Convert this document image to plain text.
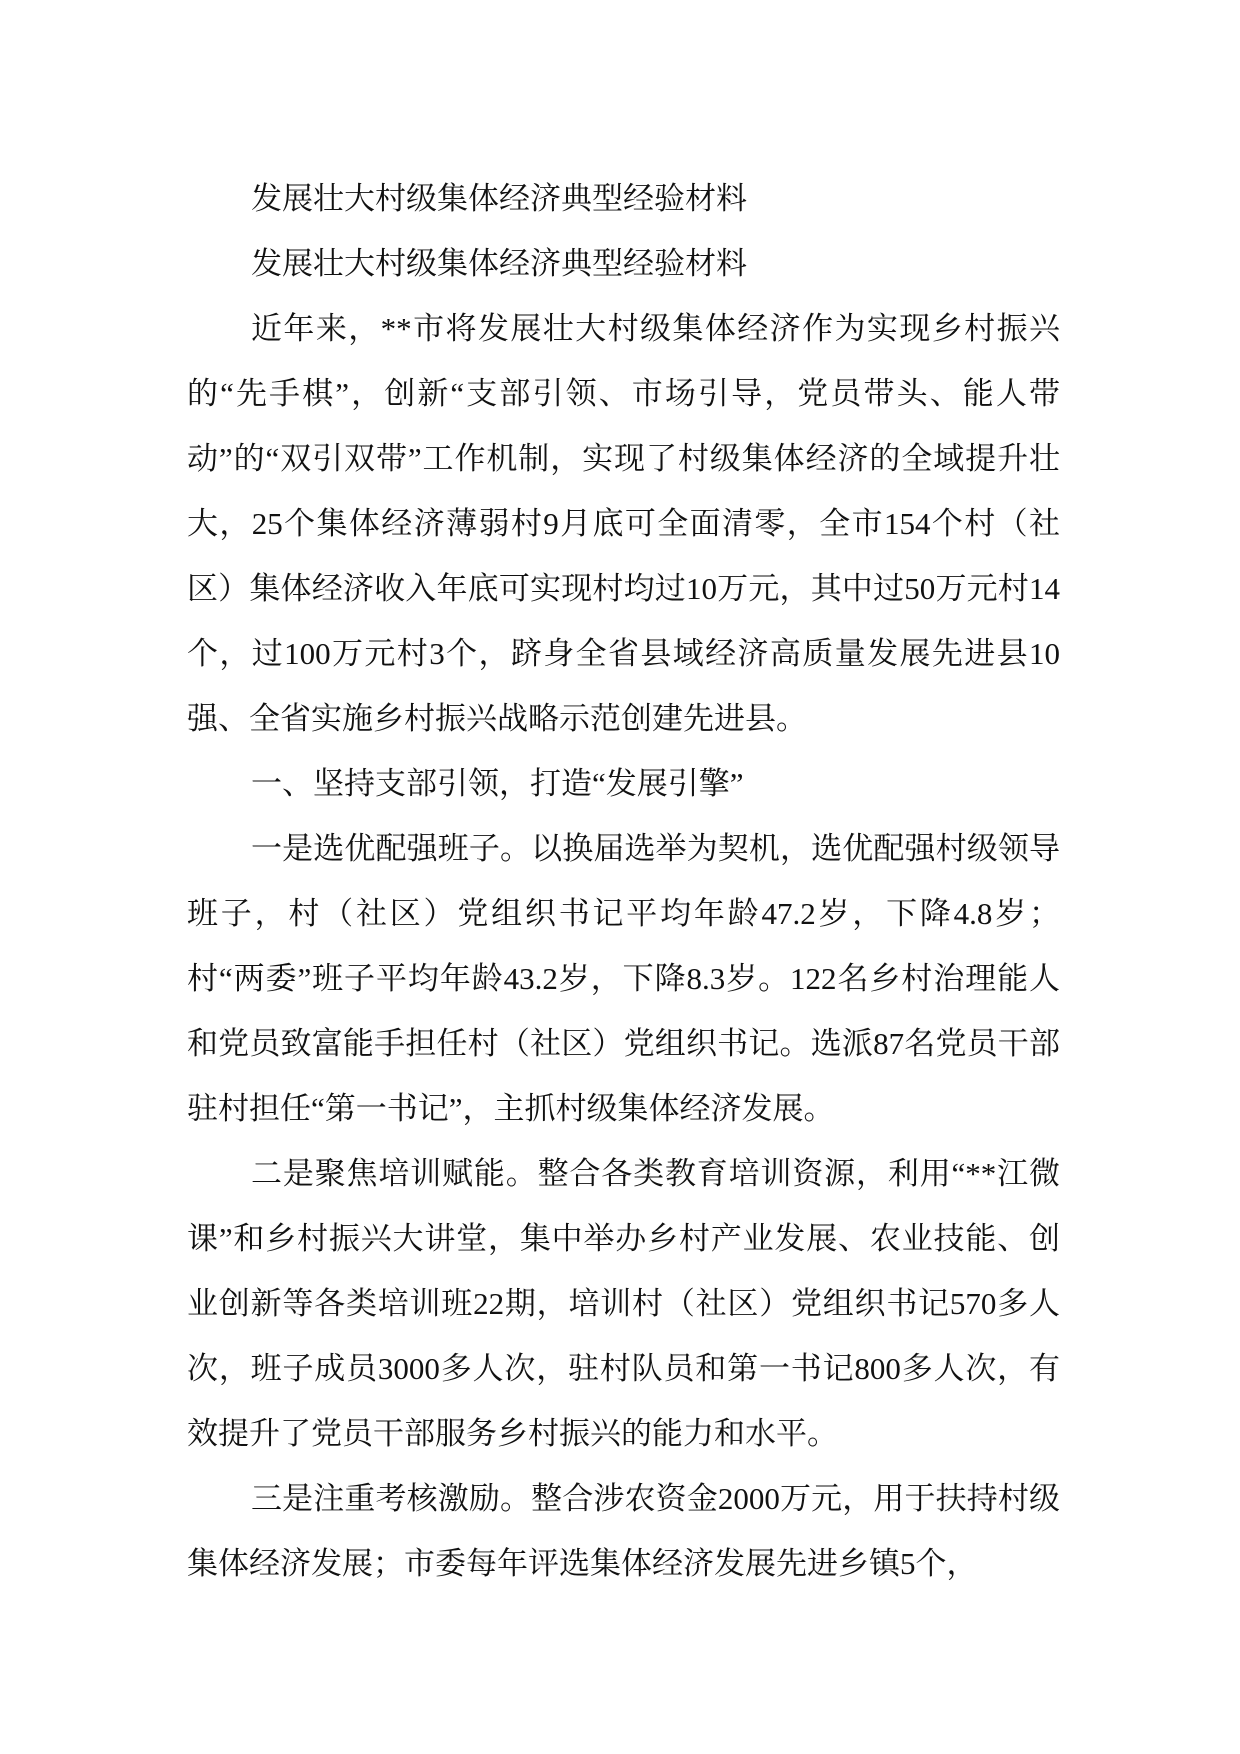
发展壮大村级集体经济典型经验材料

发展壮大村级集体经济典型经验材料

近年来，**市将发展壮大村级集体经济作为实现乡村振兴的“先手棋”，创新“支部引领、市场引导，党员带头、能人带动”的“双引双带”工作机制，实现了村级集体经济的全域提升壮大，25个集体经济薄弱村9月底可全面清零，全市154个村（社区）集体经济收入年底可实现村均过10万元，其中过50万元村14个，过100万元村3个，跻身全省县域经济高质量发展先进县10强、全省实施乡村振兴战略示范创建先进县。

一、坚持支部引领，打造“发展引擎”

一是选优配强班子。以换届选举为契机，选优配强村级领导班子，村（社区）党组织书记平均年龄47.2岁，下降4.8岁；村“两委”班子平均年龄43.2岁，下降8.3岁。122名乡村治理能人和党员致富能手担任村（社区）党组织书记。选派87名党员干部驻村担任“第一书记”，主抓村级集体经济发展。

二是聚焦培训赋能。整合各类教育培训资源，利用“**江微课”和乡村振兴大讲堂，集中举办乡村产业发展、农业技能、创业创新等各类培训班22期，培训村（社区）党组织书记570多人次，班子成员3000多人次，驻村队员和第一书记800多人次，有效提升了党员干部服务乡村振兴的能力和水平。

三是注重考核激励。整合涉农资金2000万元，用于扶持村级集体经济发展；市委每年评选集体经济发展先进乡镇5个，
